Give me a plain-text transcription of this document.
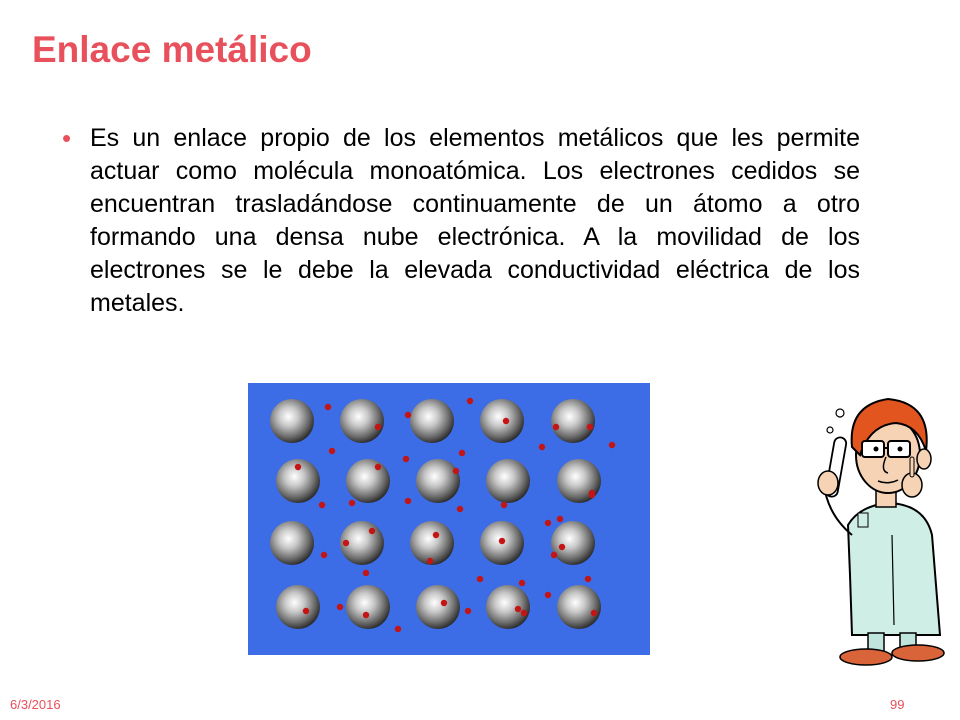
Enlace metálico
• Es un enlace propio de los elementos metálicos que les permite actuar como molécula monoatómica. Los electrones cedidos se encuentran trasladándose continuamente de un átomo a otro formando una densa nube electrónica. A la movilidad de los electrones se le debe la elevada conductividad eléctrica de los metales.

6/3/2016	99
